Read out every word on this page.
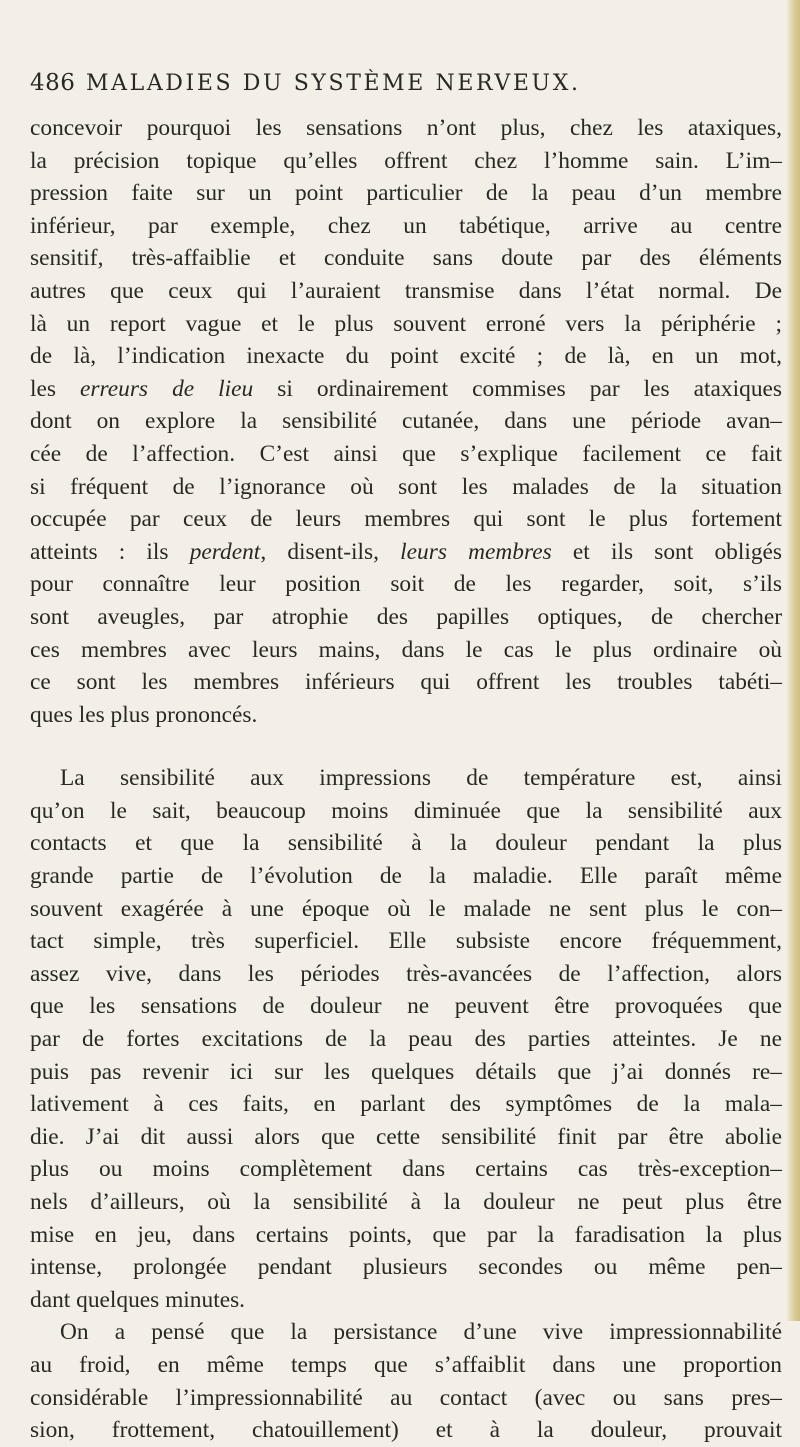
486 MALADIES DU SYSTÈME NERVEUX.

concevoir pourquoi les sensations n’ont plus, chez les ataxiques,
la précision topique qu’elles offrent chez l’homme sain. L’im–
pression faite sur un point particulier de la peau d’un membre
inférieur, par exemple, chez un tabétique, arrive au centre
sensitif, très-affaiblie et conduite sans doute par des éléments
autres que ceux qui l’auraient transmise dans l’état normal. De
là un report vague et le plus souvent erroné vers la périphérie ;
de là, l’indication inexacte du point excité ; de là, en un mot,
les erreurs de lieu si ordinairement commises par les ataxiques
dont on explore la sensibilité cutanée, dans une période avan–
cée de l’affection. C’est ainsi que s’explique facilement ce fait
si fréquent de l’ignorance où sont les malades de la situation
occupée par ceux de leurs membres qui sont le plus fortement
atteints : ils perdent, disent-ils, leurs membres et ils sont obligés
pour connaître leur position soit de les regarder, soit, s’ils
sont aveugles, par atrophie des papilles optiques, de chercher
ces membres avec leurs mains, dans le cas le plus ordinaire où
ce sont les membres inférieurs qui offrent les troubles tabéti–
ques les plus prononcés.

La sensibilité aux impressions de température est, ainsi
qu’on le sait, beaucoup moins diminuée que la sensibilité aux
contacts et que la sensibilité à la douleur pendant la plus
grande partie de l’évolution de la maladie. Elle paraît même
souvent exagérée à une époque où le malade ne sent plus le con–
tact simple, très superficiel. Elle subsiste encore fréquemment,
assez vive, dans les périodes très-avancées de l’affection, alors
que les sensations de douleur ne peuvent être provoquées que
par de fortes excitations de la peau des parties atteintes. Je ne
puis pas revenir ici sur les quelques détails que j’ai donnés re–
lativement à ces faits, en parlant des symptômes de la mala–
die. J’ai dit aussi alors que cette sensibilité finit par être abolie
plus ou moins complètement dans certains cas très-exception–
nels d’ailleurs, où la sensibilité à la douleur ne peut plus être
mise en jeu, dans certains points, que par la faradisation la plus
intense, prolongée pendant plusieurs secondes ou même pen–
dant quelques minutes.

On a pensé que la persistance d’une vive impressionnabilité
au froid, en même temps que s’affaiblit dans une proportion
considérable l’impressionnabilité au contact (avec ou sans pres–
sion, frottement, chatouillement) et à la douleur, prouvait
